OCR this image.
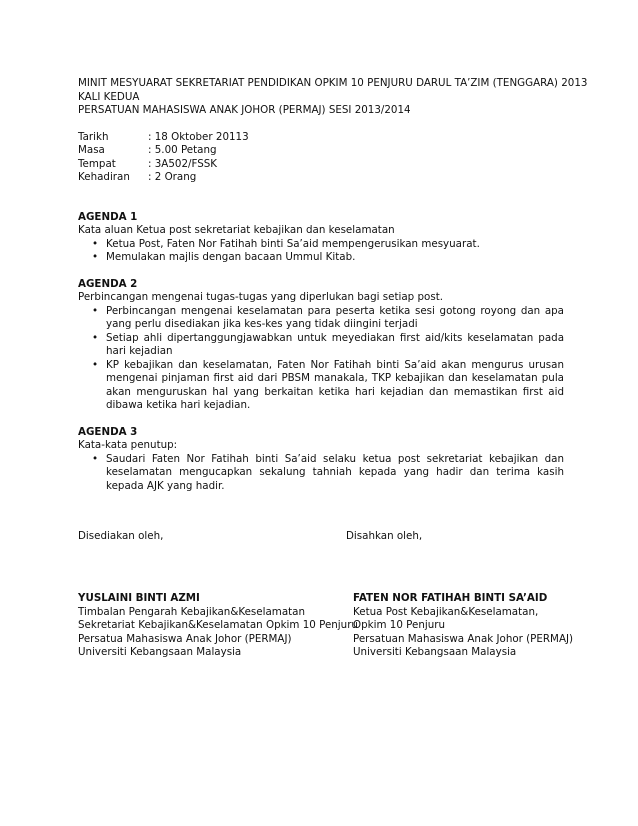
MINIT MESYUARAT SEKRETARIAT PENDIDIKAN OPKIM 10 PENJURU DARUL TA’ZIM (TENGGARA) 2013
KALI KEDUA
PERSATUAN MAHASISWA ANAK JOHOR (PERMAJ) SESI 2013/2014
Tarikh	: 18 Oktober 20113
Masa	: 5.00 Petang
Tempat	: 3A502/FSSK
Kehadiran	: 2 Orang
AGENDA 1
Kata aluan Ketua post sekretariat kebajikan dan keselamatan
• Ketua Post, Faten Nor Fatihah binti Sa’aid mempengerusikan mesyuarat.
• Memulakan majlis dengan bacaan Ummul Kitab.
AGENDA 2
Perbincangan mengenai tugas-tugas yang diperlukan bagi setiap post.
• Perbincangan mengenai keselamatan para peserta ketika sesi gotong royong dan apa yang perlu disediakan jika kes-kes yang tidak diingini terjadi
• Setiap ahli dipertanggungjawabkan untuk meyediakan first aid/kits keselamatan pada hari kejadian
• KP kebajikan dan keselamatan, Faten Nor Fatihah binti Sa’aid akan mengurus urusan mengenai pinjaman first aid dari PBSM manakala, TKP kebajikan dan keselamatan pula akan menguruskan hal yang berkaitan ketika hari kejadian dan memastikan first aid dibawa ketika hari kejadian.
AGENDA 3
Kata-kata penutup:
• Saudari Faten Nor Fatihah binti Sa’aid selaku ketua post sekretariat kebajikan dan keselamatan mengucapkan sekalung tahniah kepada yang hadir dan terima kasih kepada AJK yang hadir.
Disediakan oleh,	Disahkan oleh,
YUSLAINI BINTI AZMI
Timbalan Pengarah Kebajikan&Keselamatan
Sekretariat Kebajikan&Keselamatan Opkim 10 Penjuru
Persatua Mahasiswa Anak Johor (PERMAJ)
Universiti Kebangsaan Malaysia
FATEN NOR FATIHAH BINTI SA’AID
Ketua Post Kebajikan&Keselamatan,
Opkim 10 Penjuru
Persatuan Mahasiswa Anak Johor (PERMAJ)
Universiti Kebangsaan Malaysia
